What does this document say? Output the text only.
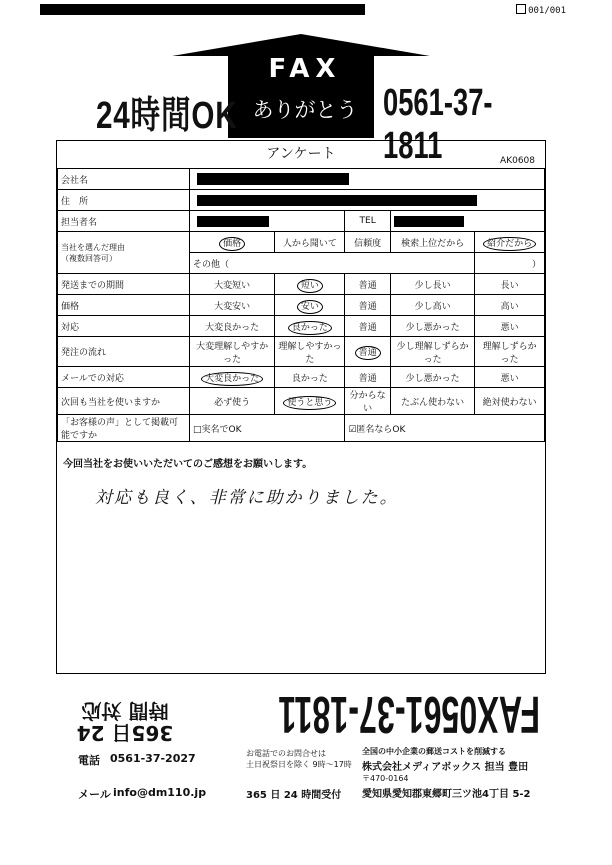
001/001
FAX
ありがとう
24時間OK	0561-37-1811
アンケート	AK0608
会社名					

住　所					

担当者名			TEL		

当社を選んだ理由
（複数回答可）	価格	人から聞いて	信頼度	検索上位だから	紹介だから
	その他（				）
発送までの期間	大変短い	短い	普通	少し長い	長い
価格	大変安い	安い	普通	少し高い	高い
対応	大変良かった	良かった	普通	少し悪かった	悪い
発注の流れ	大変理解しやすかった	理解しやすかった	普通	少し理解しずらかった	理解しずらかった
メールでの対応	大変良かった	良かった	普通	少し悪かった	悪い
次回も当社を使いますか	必ず使う	使うと思う	分からない	たぶん使わない	絶対使わない
「お客様の声」として掲載可能ですか	□実名でOK		☑匿名ならOK		
今回当社をお使いいただいてのご感想をお願いします。
対応も良く、非常に助かりました。
FAX0561-37-1811
365日 24時間 対応
電話 0561-37-2027	お電話でのお問合せは
土日祝祭日を除く 9時〜17時
メール info@dm110.jp	365 日 24 時間受付
全国の中小企業の郵送コストを削減する
株式会社メディアボックス 担当 豊田
〒470-0164
愛知県愛知郡東郷町三ツ池4丁目 5-2
